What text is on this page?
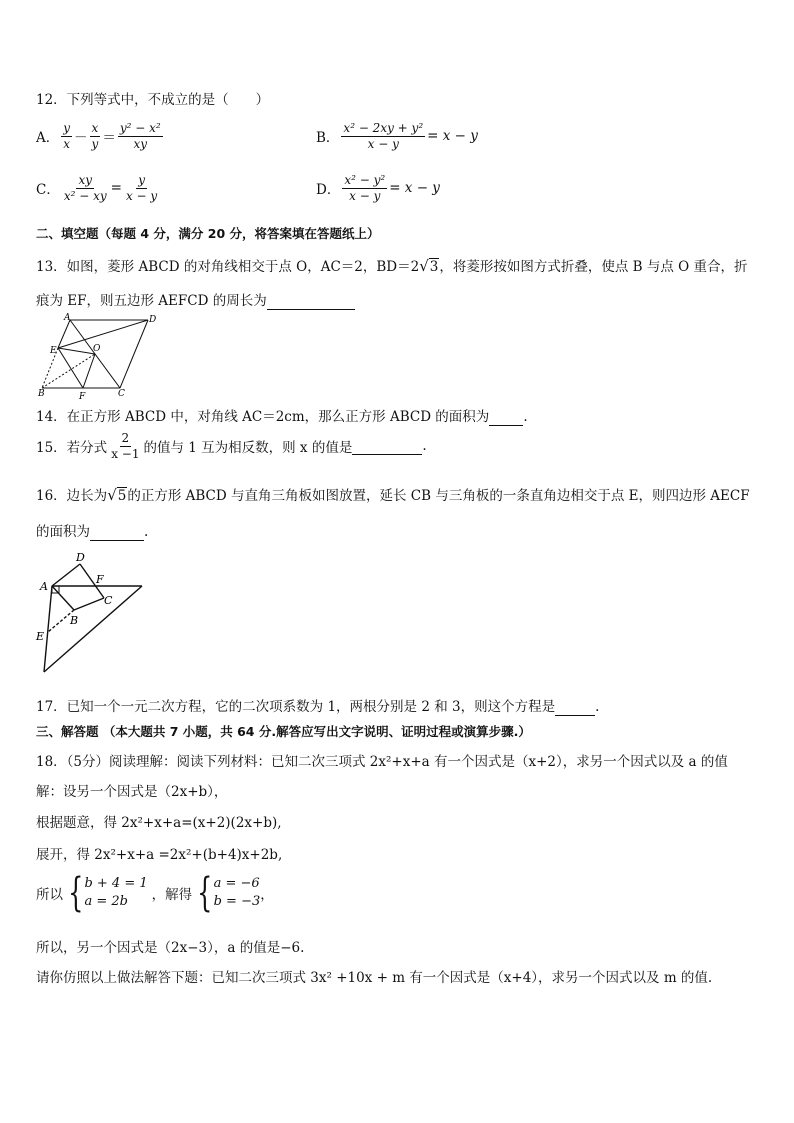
12．下列等式中，不成立的是（　　）
A． $\frac{y}{x} - \frac{x}{y} = \frac{\text{y² − x²}}{xy}$	B． $\frac{\text{x² − 2xy + y²}}{x - y} = x - y$
C． $\frac{xy}{\text{x² − xy}} = \frac{y}{x - y}$	D． $\frac{\text{x² − y²}}{x - y} = x - y$
二、填空题（每题 4 分，满分 20 分，将答案填在答题纸上）
13．如图，菱形 ABCD 的对角线相交于点 O，AC＝2，BD＝2√3，将菱形按如图方式折叠，使点 B 与点 O 重合，折
痕为 EF，则五边形 AEFCD 的周长为
A	D
E	O
B	F	C
14．在正方形 ABCD 中，对角线 AC＝2cm，那么正方形 ABCD 的面积为	.
15．若分式 $\frac{2}{x -1}$ 的值与 1 互为相反数，则 x 的值是
	.
16．边长为√5的正方形 ABCD 与直角三角板如图放置，延长 CB 与三角板的一条直角边相交于点 E，则四边形 AECF
的面积为	.
D
A
F
C
B
E
17．已知一个一元二次方程，它的二次项系数为 1，两根分别是 2 和 3，则这个方程是	.
三、解答题 （本大题共 7 小题，共 64 分.解答应写出文字说明、证明过程或演算步骤.）
18．（5分）阅读理解：阅读下列材料：已知二次三项式 2x²+x+a 有一个因式是（x+2），求另一个因式以及 a 的值
解：设另一个因式是（2x+b），
根据题意，得 2x²+x+a=(x+2)(2x+b),
展开，得 2x²+x+a =2x²+(b+4)x+2b,
所以 { b + 4 = 1
a = 2b	，解得 { a = −6
b = −3 ，
所以，另一个因式是（2x−3），a 的值是−6.
请你仿照以上做法解答下题：已知二次三项式 3x² +10x + m 有一个因式是（x+4），求另一个因式以及 m 的值.
